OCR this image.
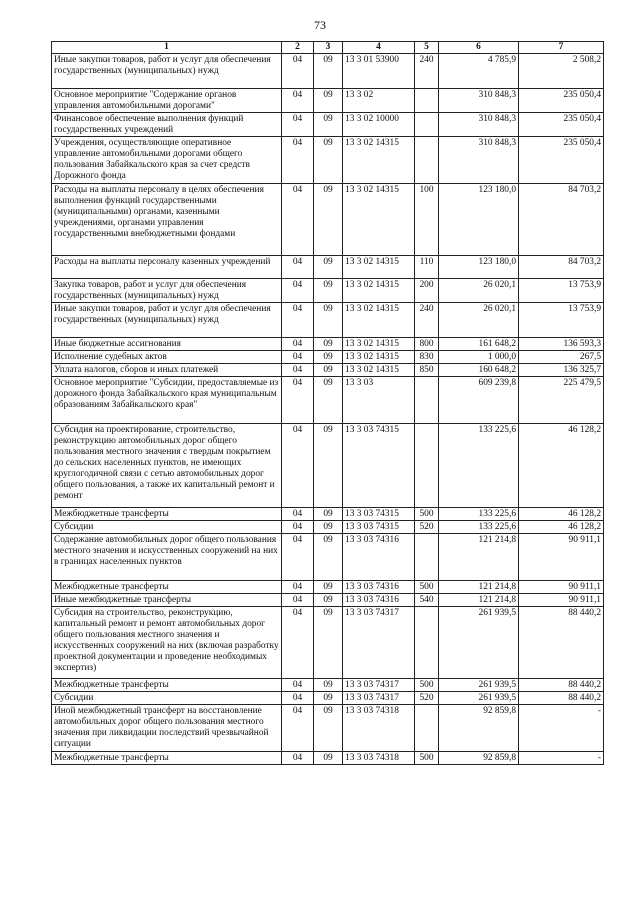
73
1	2	3	4	5	6	7
Иные закупки товаров, работ и услуг для обеспечения государственных (муниципальных) нужд	04	09	13 3 01 53900	240	4 785,9	2 508,2
Основное мероприятие "Содержание органов управления автомобильными дорогами"	04	09	13 3 02		310 848,3	235 050,4
Финансовое обеспечение выполнения функций государственных учреждений	04	09	13 3 02 10000		310 848,3	235 050,4
Учреждения, осуществляющие оперативное управление автомобильными дорогами общего пользования Забайкальского края за счет средств Дорожного фонда	04	09	13 3 02 14315		310 848,3	235 050,4
Расходы на выплаты персоналу в целях обеспечения выполнения функций государственными (муниципальными) органами, казенными учреждениями, органами управления государственными внебюджетными фондами	04	09	13 3 02 14315	100	123 180,0	84 703,2
Расходы на выплаты персоналу казенных учреждений	04	09	13 3 02 14315	110	123 180,0	84 703,2
Закупка товаров, работ и услуг для обеспечения государственных (муниципальных) нужд	04	09	13 3 02 14315	200	26 020,1	13 753,9
Иные закупки товаров, работ и услуг для обеспечения государственных (муниципальных) нужд	04	09	13 3 02 14315	240	26 020,1	13 753,9
Иные бюджетные ассигнования	04	09	13 3 02 14315	800	161 648,2	136 593,3
Исполнение судебных актов	04	09	13 3 02 14315	830	1 000,0	267,5
Уплата налогов, сборов и иных платежей	04	09	13 3 02 14315	850	160 648,2	136 325,7
Основное мероприятие "Субсидии, предоставляемые из дорожного фонда Забайкальского края муниципальным образованиям Забайкальского края"	04	09	13 3 03		609 239,8	225 479,5
Субсидия на проектирование, строительство, реконструкцию автомобильных дорог общего пользования местного значения с твердым покрытием до сельских населенных пунктов, не имеющих круглогодичной связи с сетью автомобильных дорог общего пользования, а также их капитальный ремонт и ремонт	04	09	13 3 03 74315		133 225,6	46 128,2
Межбюджетные трансферты	04	09	13 3 03 74315	500	133 225,6	46 128,2
Субсидии	04	09	13 3 03 74315	520	133 225,6	46 128,2
Содержание автомобильных дорог общего пользования местного значения и искусственных сооружений на них в границах населенных пунктов	04	09	13 3 03 74316		121 214,8	90 911,1
Межбюджетные трансферты	04	09	13 3 03 74316	500	121 214,8	90 911,1
Иные межбюджетные трансферты	04	09	13 3 03 74316	540	121 214,8	90 911,1
Субсидия на строительство, реконструкцию, капитальный ремонт и ремонт автомобильных дорог общего пользования местного значения и искусственных сооружений на них (включая разработку проектной документации и проведение необходимых экспертиз)	04	09	13 3 03 74317		261 939,5	88 440,2
Межбюджетные трансферты	04	09	13 3 03 74317	500	261 939,5	88 440,2
Субсидии	04	09	13 3 03 74317	520	261 939,5	88 440,2
Иной межбюджетный трансферт на восстановление автомобильных дорог общего пользования местного значения при ликвидации последствий чрезвычайной ситуации	04	09	13 3 03 74318		92 859,8	-
Межбюджетные трансферты	04	09	13 3 03 74318	500	92 859,8	-
